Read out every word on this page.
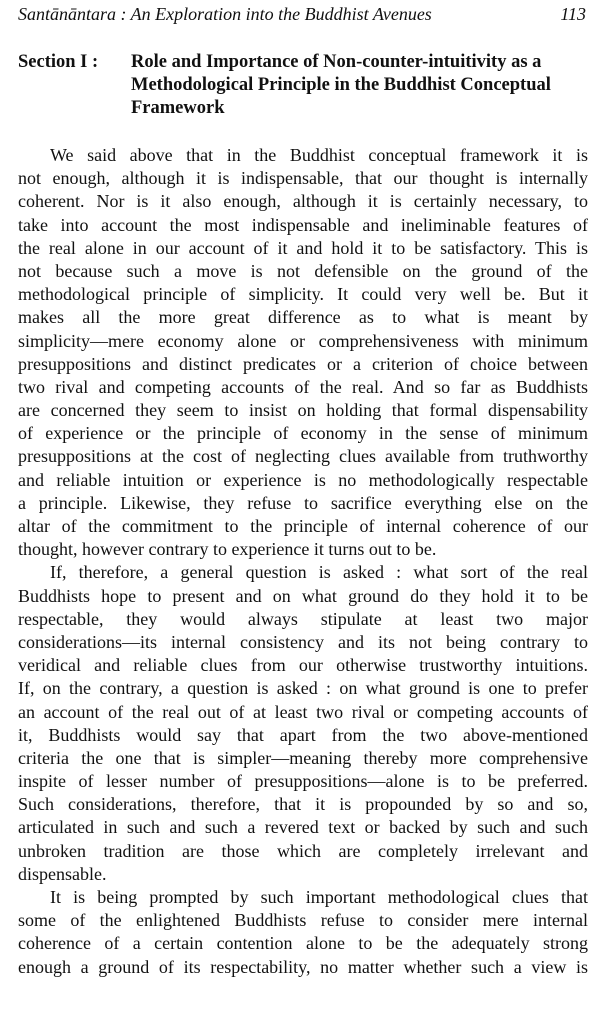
Santānāntara : An Exploration into the Buddhist Avenues	113
Section I :	Role and Importance of Non-counter-intuitivity as a Methodological Principle in the Buddhist Conceptual Framework
We said above that in the Buddhist conceptual framework it is
not enough, although it is indispensable, that our thought is internally
coherent. Nor is it also enough, although it is certainly necessary, to
take into account the most indispensable and ineliminable features of
the real alone in our account of it and hold it to be satisfactory. This is
not because such a move is not defensible on the ground of the
methodological principle of simplicity. It could very well be. But it
makes all the more great difference as to what is meant by
simplicity—mere economy alone or comprehensiveness with minimum
presuppositions and distinct predicates or a criterion of choice between
two rival and competing accounts of the real. And so far as Buddhists
are concerned they seem to insist on holding that formal dispensability
of experience or the principle of economy in the sense of minimum
presuppositions at the cost of neglecting clues available from truthworthy
and reliable intuition or experience is no methodologically respectable
a principle. Likewise, they refuse to sacrifice everything else on the
altar of the commitment to the principle of internal coherence of our
thought, however contrary to experience it turns out to be.
If, therefore, a general question is asked : what sort of the real
Buddhists hope to present and on what ground do they hold it to be
respectable, they would always stipulate at least two major
considerations—its internal consistency and its not being contrary to
veridical and reliable clues from our otherwise trustworthy intuitions.
If, on the contrary, a question is asked : on what ground is one to prefer
an account of the real out of at least two rival or competing accounts of
it, Buddhists would say that apart from the two above-mentioned
criteria the one that is simpler—meaning thereby more comprehensive
inspite of lesser number of presuppositions—alone is to be preferred.
Such considerations, therefore, that it is propounded by so and so,
articulated in such and such a revered text or backed by such and such
unbroken tradition are those which are completely irrelevant and
dispensable.
It is being prompted by such important methodological clues that
some of the enlightened Buddhists refuse to consider mere internal
coherence of a certain contention alone to be the adequately strong
enough a ground of its respectability, no matter whether such a view is
